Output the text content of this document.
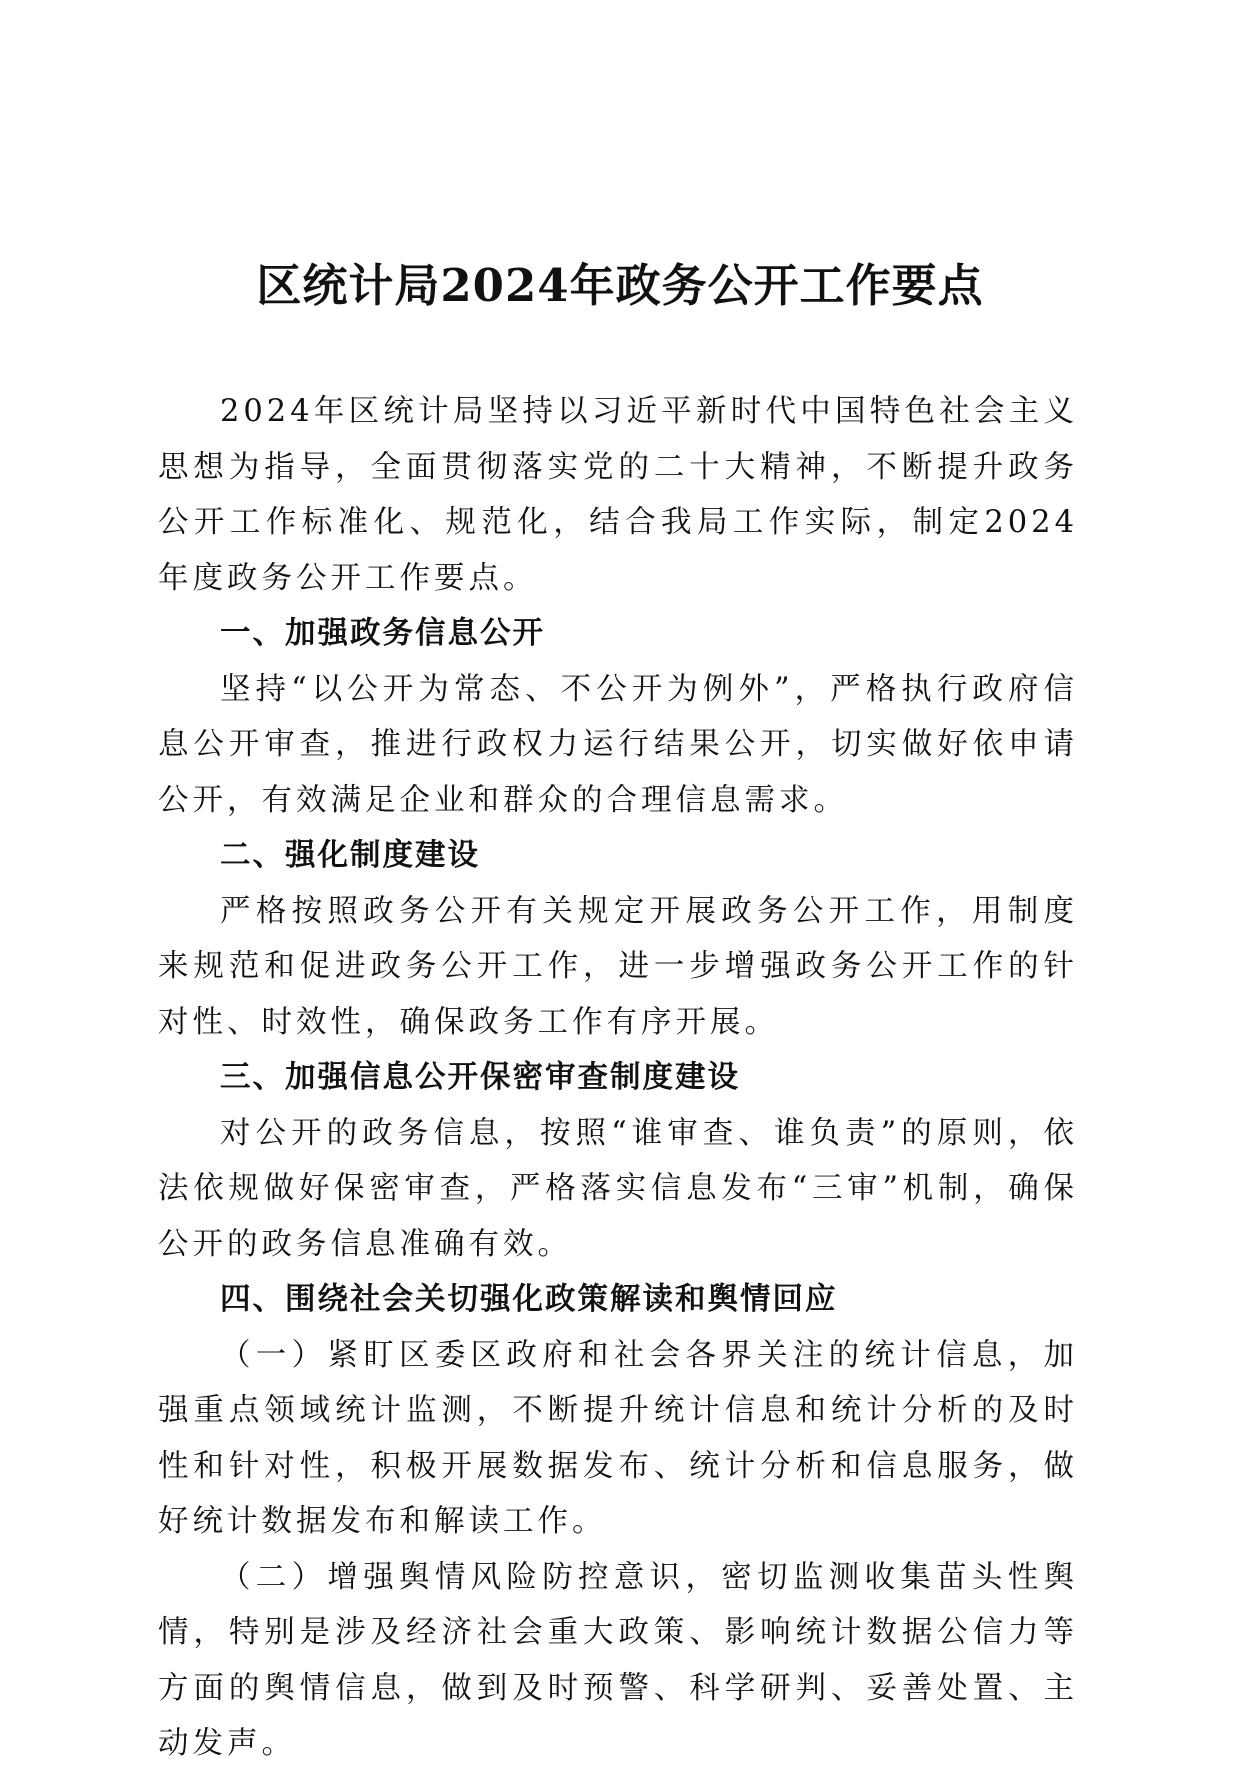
区统计局2024年政务公开工作要点

2024年区统计局坚持以习近平新时代中国特色社会主义思想为指导，全面贯彻落实党的二十大精神，不断提升政务公开工作标准化、规范化，结合我局工作实际，制定2024年度政务公开工作要点。

一、加强政务信息公开

坚持“以公开为常态、不公开为例外”，严格执行政府信息公开审查，推进行政权力运行结果公开，切实做好依申请公开，有效满足企业和群众的合理信息需求。

二、强化制度建设

严格按照政务公开有关规定开展政务公开工作，用制度来规范和促进政务公开工作，进一步增强政务公开工作的针对性、时效性，确保政务工作有序开展。

三、加强信息公开保密审查制度建设

对公开的政务信息，按照“谁审查、谁负责”的原则，依法依规做好保密审查，严格落实信息发布“三审”机制，确保公开的政务信息准确有效。

四、围绕社会关切强化政策解读和舆情回应

（一）紧盯区委区政府和社会各界关注的统计信息，加强重点领域统计监测，不断提升统计信息和统计分析的及时性和针对性，积极开展数据发布、统计分析和信息服务，做好统计数据发布和解读工作。

（二）增强舆情风险防控意识，密切监测收集苗头性舆情，特别是涉及经济社会重大政策、影响统计数据公信力等方面的舆情信息，做到及时预警、科学研判、妥善处置、主动发声。
